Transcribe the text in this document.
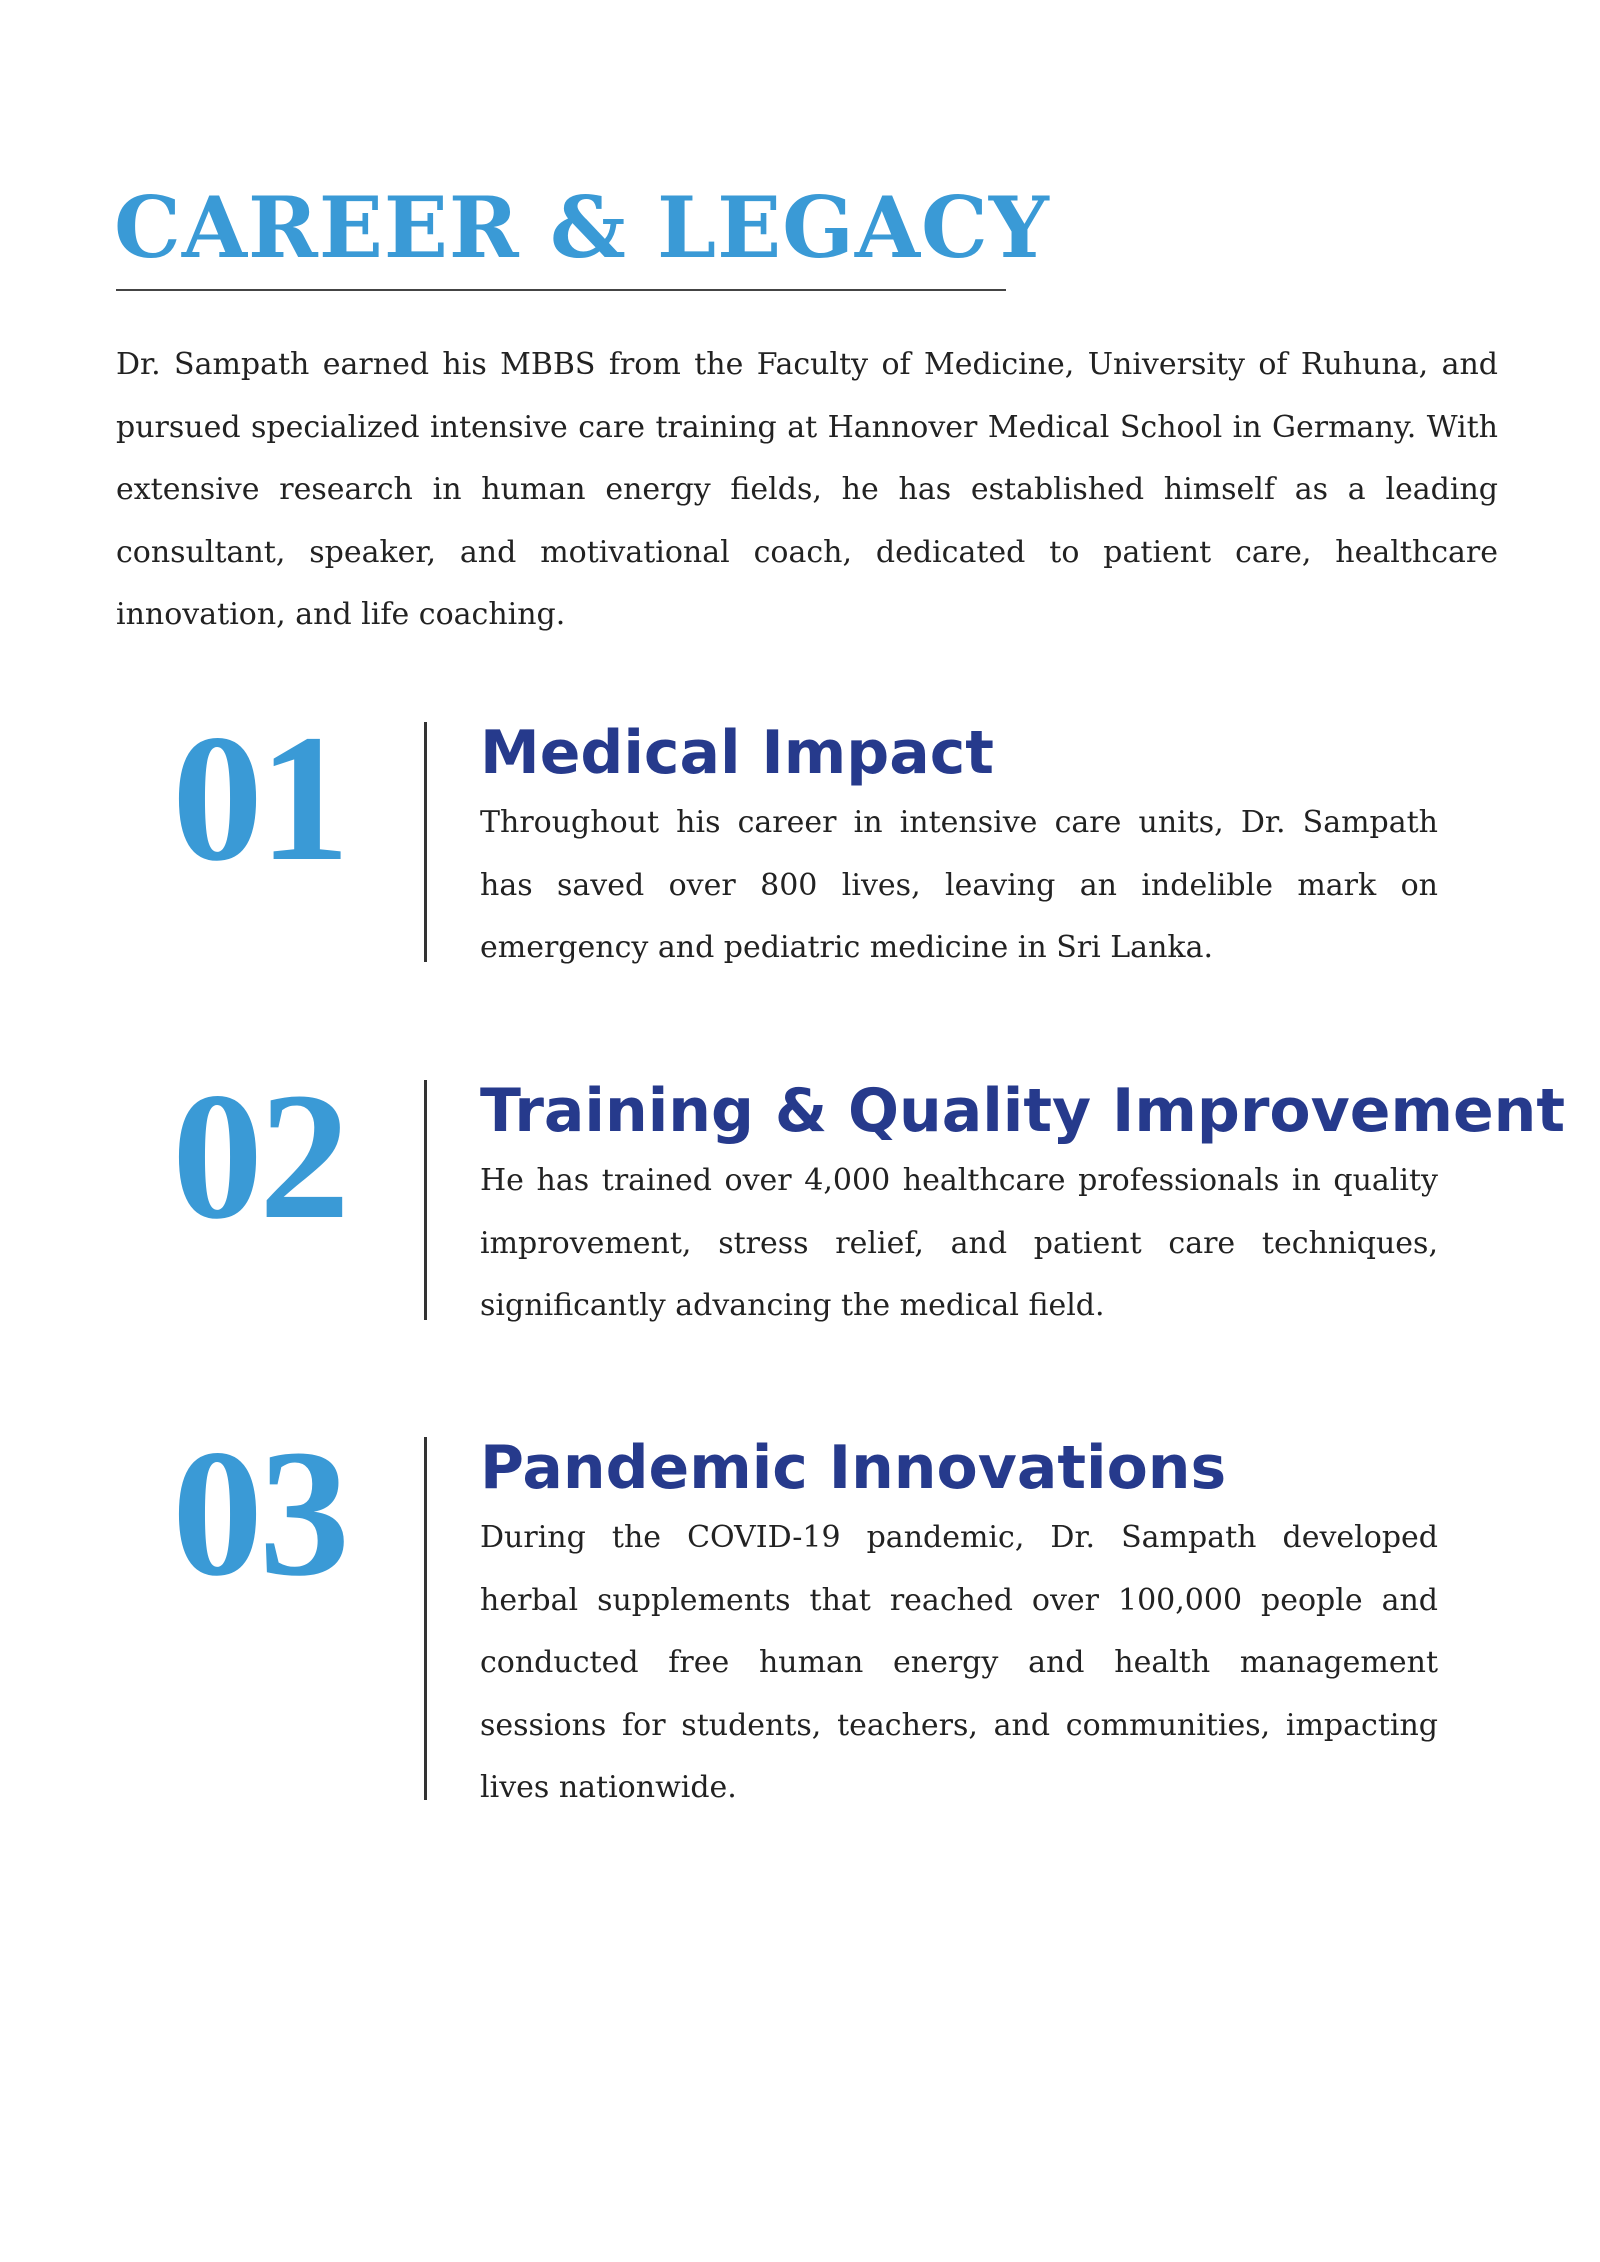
CAREER & LEGACY

Dr. Sampath earned his MBBS from the Faculty of Medicine, University of Ruhuna, and pursued specialized intensive care training at Hannover Medical School in Germany. With extensive research in human energy fields, he has established himself as a leading consultant, speaker, and motivational coach, dedicated to patient care, healthcare innovation, and life coaching.

01 Medical Impact

Throughout his career in intensive care units, Dr. Sampath has saved over 800 lives, leaving an indelible mark on emergency and pediatric medicine in Sri Lanka.

02 Training & Quality Improvement

He has trained over 4,000 healthcare professionals in quality improvement, stress relief, and patient care techniques, significantly advancing the medical field.

03 Pandemic Innovations

During the COVID-19 pandemic, Dr. Sampath developed herbal supplements that reached over 100,000 people and conducted free human energy and health management sessions for students, teachers, and communities, impacting lives nationwide.
